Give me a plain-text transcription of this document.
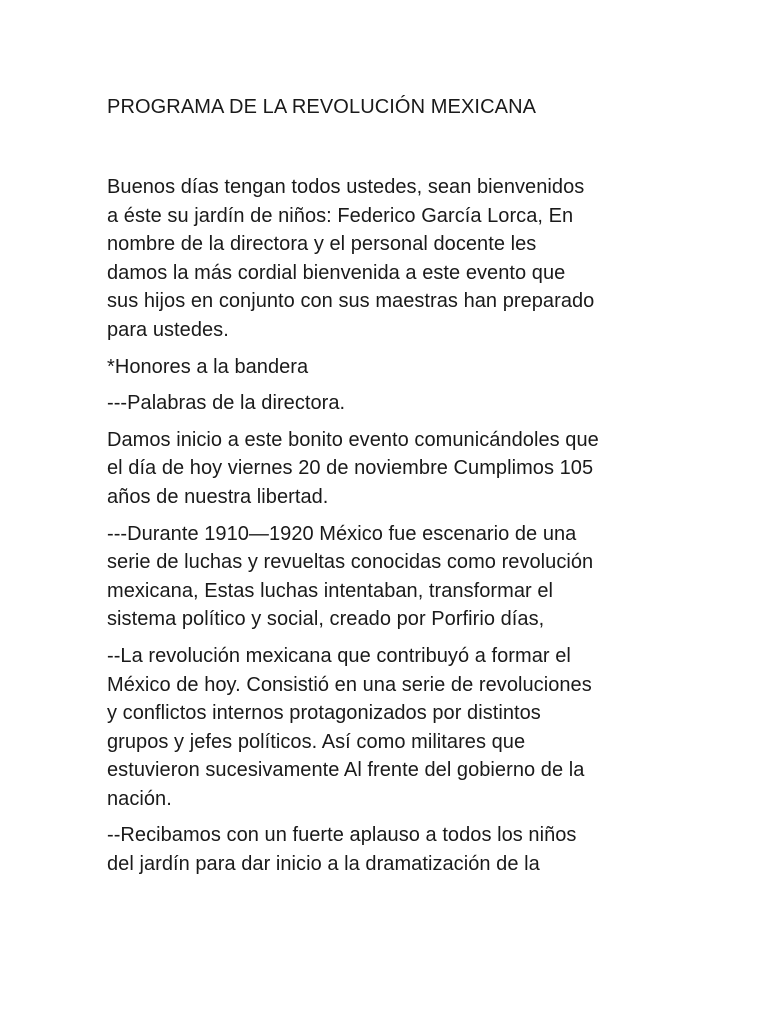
PROGRAMA DE LA REVOLUCIÓN MEXICANA

Buenos días tengan todos ustedes, sean bienvenidos
a éste su jardín de niños: Federico García Lorca, En
nombre de la directora y el personal docente les
damos la más cordial bienvenida a este evento que
sus hijos en conjunto con sus maestras han preparado
para ustedes.

*Honores a la bandera

---Palabras de la directora.

Damos inicio a este bonito evento comunicándoles que
el día de hoy viernes 20 de noviembre Cumplimos 105
años de nuestra libertad.

---Durante 1910—1920 México fue escenario de una
serie de luchas y revueltas conocidas como revolución
mexicana, Estas luchas intentaban, transformar el
sistema político y social, creado por Porfirio días,

--La revolución mexicana que contribuyó a formar el
México de hoy. Consistió en una serie de revoluciones
y conflictos internos protagonizados por distintos
grupos y jefes políticos. Así como militares que
estuvieron sucesivamente Al frente del gobierno de la
nación.

--Recibamos con un fuerte aplauso a todos los niños
del jardín para dar inicio a la dramatización de la
